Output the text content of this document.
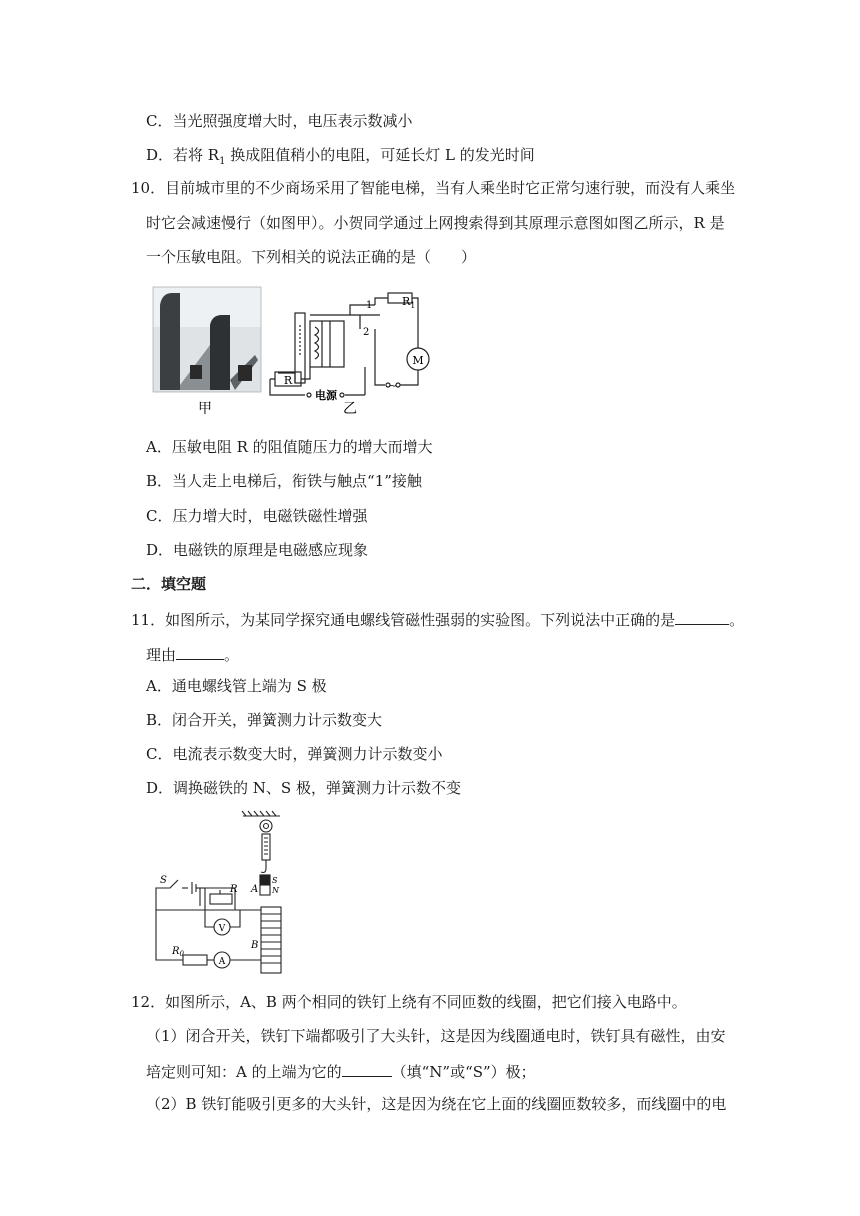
C．当光照强度增大时，电压表示数减小
D．若将 $R_1$ 换成阻值稍小的电阻，可延长灯 L 的发光时间
10．目前城市里的不少商场采用了智能电梯，当有人乘坐时它正常匀速行驶，而没有人乘坐
时它会减速慢行（如图甲）。小贺同学通过上网搜索得到其原理示意图如图乙所示，R 是
一个压敏电阻。下列相关的说法正确的是（　　）
甲
$R_1$
1
2
M
R
电源
~
乙
A．压敏电阻 R 的阻值随压力的增大而增大
B．当人走上电梯后，衔铁与触点“1”接触
C．压力增大时，电磁铁磁性增强
D．电磁铁的原理是电磁感应现象
二．填空题
11．如图所示，为某同学探究通电螺线管磁性强弱的实验图。下列说法中正确的是	。
理由	。
A．通电螺线管上端为 S 极
B．闭合开关，弹簧测力计示数变大
C．电流表示数变大时，弹簧测力计示数变小
D．调换磁铁的 N、S 极，弹簧测力计示数不变
S
R
V
$R_0$
A
A
S
N
B
12．如图所示，A、B 两个相同的铁钉上绕有不同匝数的线圈，把它们接入电路中。
（1）闭合开关，铁钉下端都吸引了大头针，这是因为线圈通电时，铁钉具有磁性，由安
培定则可知：A 的上端为它的	（填“N”或“S”）极；
（2）B 铁钉能吸引更多的大头针，这是因为绕在它上面的线圈匝数较多，而线圈中的电
